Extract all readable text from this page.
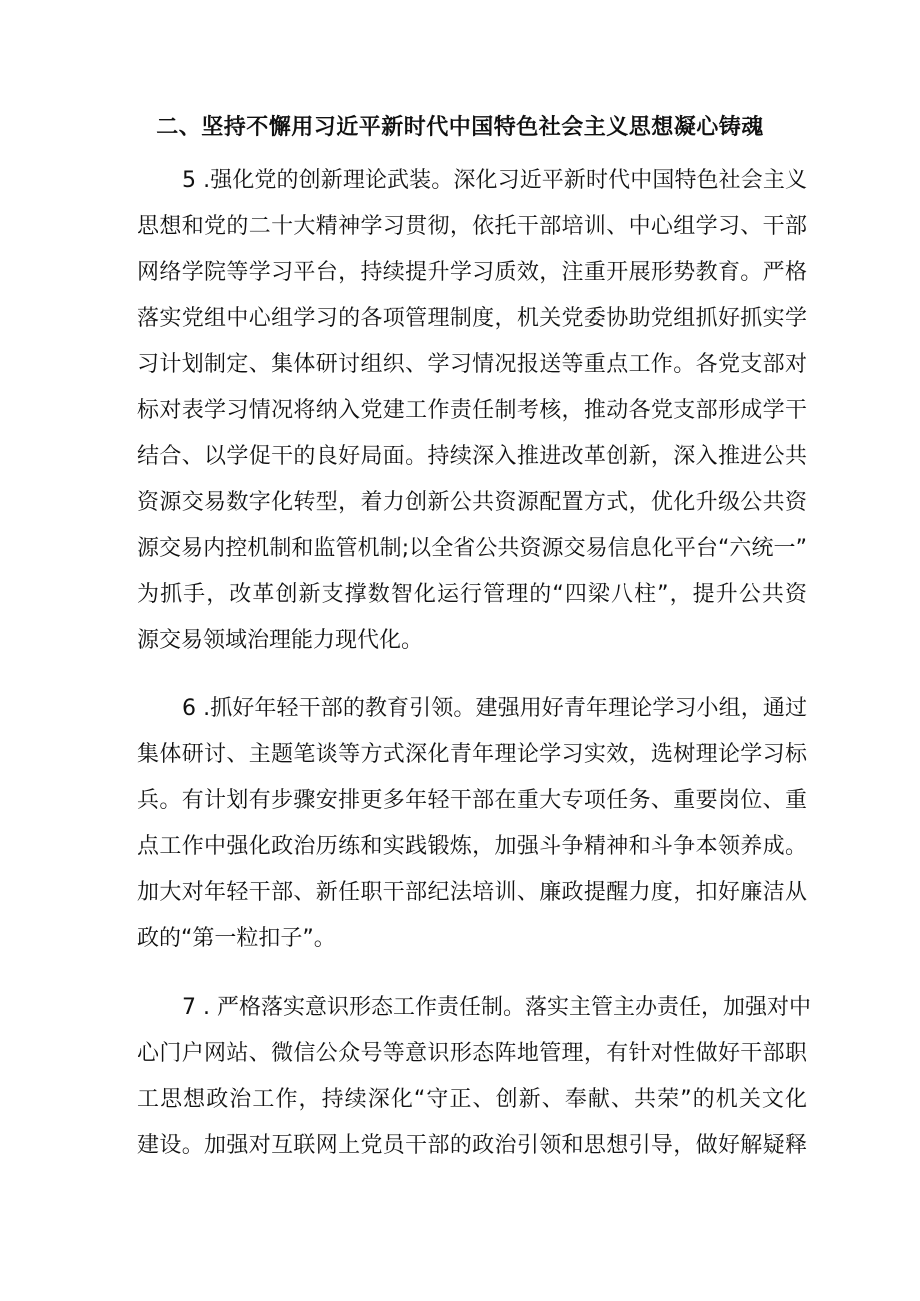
二、坚持不懈用习近平新时代中国特色社会主义思想凝心铸魂

5 .强化党的创新理论武装。深化习近平新时代中国特色社会主义

思想和党的二十大精神学习贯彻，依托干部培训、中心组学习、干部

网络学院等学习平台，持续提升学习质效，注重开展形势教育。严格

落实党组中心组学习的各项管理制度，机关党委协助党组抓好抓实学

习计划制定、集体研讨组织、学习情况报送等重点工作。各党支部对

标对表学习情况将纳入党建工作责任制考核，推动各党支部形成学干

结合、以学促干的良好局面。持续深入推进改革创新，深入推进公共

资源交易数字化转型，着力创新公共资源配置方式，优化升级公共资

源交易内控机制和监管机制;以全省公共资源交易信息化平台“六统一”

为抓手，改革创新支撑数智化运行管理的“四梁八柱”，提升公共资

源交易领域治理能力现代化。

6 .抓好年轻干部的教育引领。建强用好青年理论学习小组，通过

集体研讨、主题笔谈等方式深化青年理论学习实效，选树理论学习标

兵。有计划有步骤安排更多年轻干部在重大专项任务、重要岗位、重

点工作中强化政治历练和实践锻炼，加强斗争精神和斗争本领养成。

加大对年轻干部、新任职干部纪法培训、廉政提醒力度，扣好廉洁从

政的“第一粒扣子”。

7 . 严格落实意识形态工作责任制。落实主管主办责任，加强对中

心门户网站、微信公众号等意识形态阵地管理，有针对性做好干部职

工思想政治工作，持续深化“守正、创新、奉献、共荣”的机关文化

建设。加强对互联网上党员干部的政治引领和思想引导，做好解疑释
